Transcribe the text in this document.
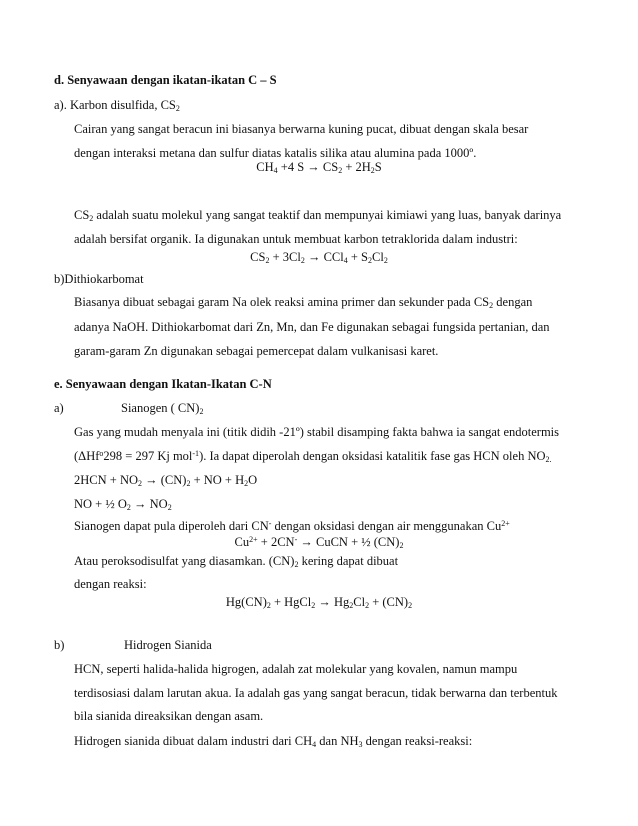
d. Senyawaan dengan ikatan-ikatan C – S
a). Karbon disulfida, $CS_2$
Cairan yang sangat beracun ini biasanya berwarna kuning pucat, dibuat dengan skala besar
dengan interaksi metana dan sulfur diatas katalis silika atau alumina pada 1000º.
$CH_4 +4$ $S \to CS_2 + 2H_2S$
$CS_2$ adalah suatu molekul yang sangat teaktif dan mempunyai kimiawi yang luas, banyak darinya
adalah bersifat organik. Ia digunakan untuk membuat karbon tetraklorida dalam industri:
$CS_2 + 3Cl_2 \to CCl_4 + S_2Cl_2$
b)Dithiokarbomat
Biasanya dibuat sebagai garam Na olek reaksi amina primer dan sekunder pada $CS_2$ dengan
adanya NaOH. Dithiokarbomat dari Zn, Mn, dan Fe digunakan sebagai fungsida pertanian, dan
garam-garam Zn digunakan sebagai pemercepat dalam vulkanisasi karet.
e. Senyawaan dengan Ikatan-Ikatan C-N
a)	Sianogen ( $CN)_2$
Gas yang mudah menyala ini (titik didih -21º) stabil disamping fakta bahwa ia sangat endotermis
(ΔHf$^o$298 = 297 Kj mol$^{-1}$). Ia dapat diperolah dengan oksidasi katalitik fase gas HCN oleh $NO_{2.}$
$2HCN + NO_2 \to (CN)_2$ + NO + $H_2O$
NO + ½ $O_2 \to NO_2$
Sianogen dapat pula diperoleh dari CN- dengan oksidasi dengan air menggunakan $Cu^{2+}$
$Cu^{2+} + 2CN^-$ → CuCN + ½ $(CN)_2$
Atau peroksodisulfat yang diasamkan. $(CN)_2$ kering dapat dibuat
dengan reaksi:
$Hg(CN)_2$ + HgCl$_2$ → $Hg_2Cl_2 + (CN)_2$
b)	Hidrogen Sianida
HCN, seperti halida-halida higrogen, adalah zat molekular yang kovalen, namun mampu
terdisosiasi dalam larutan akua. Ia adalah gas yang sangat beracun, tidak berwarna dan terbentuk
bila sianida direaksikan dengan asam.
Hidrogen sianida dibuat dalam industri dari $CH_4$ dan $NH_3$ dengan reaksi-reaksi:
